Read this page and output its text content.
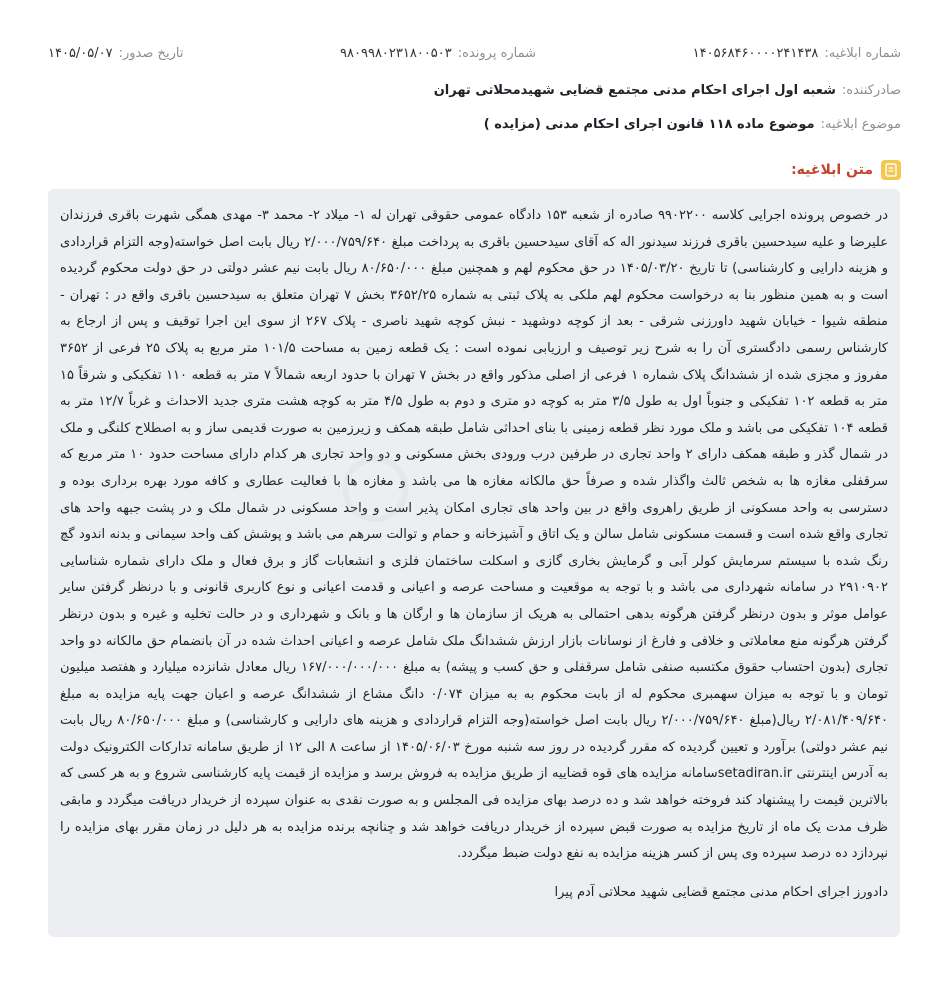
شماره ابلاغیه:۱۴۰۵۶۸۴۶۰۰۰۰۲۴۱۴۳۸
شماره پرونده:۹۸۰۹۹۸۰۲۳۱۸۰۰۵۰۳
تاریخ صدور:۱۴۰۵/۰۵/۰۷
صادرکننده:شعبه اول اجرای احکام مدنی مجتمع قضایی شهیدمحلاتی تهران
موضوع ابلاغیه:موضوع ماده ۱۱۸ قانون اجرای احکام مدنی (مزایده )
متن ابلاغیه:
در خصوص پرونده اجرایی کلاسه ۹۹۰۲۲۰۰ صادره از شعبه ۱۵۳ دادگاه عمومی حقوقی تهران له ۱- میلاد ۲- محمد ۳- مهدی همگی شهرت باقری فرزندان علیرضا و علیه سیدحسین باقری فرزند سیدنور اله که آقای سیدحسین باقری به پرداخت مبلغ ۲/۰۰۰/۷۵۹/۶۴۰ ریال بابت اصل خواسته(وجه التزام قراردادی و هزینه دارایی و کارشناسی) تا تاریخ ۱۴۰۵/۰۳/۲۰ در حق محکوم لهم و همچنین مبلغ ۸۰/۶۵۰/۰۰۰ ریال بابت نیم عشر دولتی در حق دولت محکوم گردیده است و به همین منظور بنا به درخواست محکوم لهم ملکی به پلاک ثبتی به شماره ۳۶۵۲/۲۵ بخش ۷ تهران متعلق به سیدحسین باقری واقع در : تهران - منطقه شیوا - خیابان شهید داورزنی شرقی - بعد از کوچه دوشهید - نبش کوچه شهید ناصری - پلاک ۲۶۷ از سوی این اجرا توقیف و پس از ارجاع به کارشناس رسمی دادگستری آن را به شرح زیر توصیف و ارزیابی نموده است : یک قطعه زمین به مساحت ۱۰۱/۵ متر مربع به پلاک ۲۵ فرعی از ۳۶۵۲ مفروز و مجزی شده از ششدانگ پلاک شماره ۱ فرعی از اصلی مذکور واقع در بخش ۷ تهران با حدود اربعه شمالاً ۷ متر به قطعه ۱۱۰ تفکیکی و شرقاً ۱۵ متر به قطعه ۱۰۲ تفکیکی و جنوباً اول به طول ۳/۵ متر به کوچه دو متری و دوم به طول ۴/۵ متر به کوچه هشت متری جدید الاحداث و غرباً ۱۲/۷ متر به قطعه ۱۰۴ تفکیکی می باشد و ملک مورد نظر قطعه زمینی با بنای احداثی شامل طبقه همکف و زیرزمین به صورت قدیمی ساز و به اصطلاح کلنگی و ملک در شمال گذر و طبقه همکف دارای ۲ واحد تجاری در طرفین درب ورودی بخش مسکونی و دو واحد تجاری هر کدام دارای مساحت حدود ۱۰ متر مربع که سرقفلی مغازه ها به شخص ثالث واگذار شده و صرفاً حق مالکانه مغازه ها می باشد و مغازه ها با فعالیت عطاری و کافه مورد بهره برداری بوده و دسترسی به واحد مسکونی از طریق راهروی واقع در بین واحد های تجاری امکان پذیر است و واحد مسکونی در شمال ملک و در پشت جبهه واحد های تجاری واقع شده است و قسمت مسکونی شامل سالن و یک اتاق و آشپزخانه و حمام و توالت سرهم می باشد و پوشش کف واحد سیمانی و بدنه اندود گچ رنگ شده با سیستم سرمایش کولر آبی و گرمایش بخاری گازی و اسکلت ساختمان فلزی و انشعابات گاز و برق فعال و ملک دارای شماره شناسایی ۲۹۱۰۹۰۲ در سامانه شهرداری می باشد و با توجه به موقعیت و مساحت عرصه و اعیانی و قدمت اعیانی و نوع کاربری قانونی و با درنظر گرفتن سایر عوامل موثر و بدون درنظر گرفتن هرگونه بدهی احتمالی به هریک از سازمان ها و ارگان ها و بانک و شهرداری و در حالت تخلیه و غیره و بدون درنظر گرفتن هرگونه منع معاملاتی و خلافی و فارغ از نوسانات بازار ارزش ششدانگ ملک شامل عرصه و اعیانی احداث شده در آن بانضمام حق مالکانه دو واحد تجاری (بدون احتساب حقوق مکتسبه صنفی شامل سرقفلی و حق کسب و پیشه) به مبلغ ۱۶۷/۰۰۰/۰۰۰/۰۰۰ ریال معادل شانزده میلیارد و هفتصد میلیون تومان و با توجه به میزان سهمبری محکوم له از بابت محکوم به به میزان ۰/۰۷۴ دانگ مشاع از ششدانگ عرصه و اعیان جهت پایه مزایده به مبلغ ۲/۰۸۱/۴۰۹/۶۴۰ ریال(مبلغ ۲/۰۰۰/۷۵۹/۶۴۰ ریال بابت اصل خواسته(وجه التزام قراردادی و هزینه های دارایی و کارشناسی) و مبلغ ۸۰/۶۵۰/۰۰۰ ریال بابت نیم عشر دولتی) برآورد و تعیین گردیده که مقرر گردیده در روز سه شنبه مورخ ۱۴۰۵/۰۶/۰۳ از ساعت ۸ الی ۱۲ از طریق سامانه تدارکات الکترونیک دولت به آدرس اینترنتی setadiran.irسامانه مزایده های قوه قضاییه از طریق مزایده به فروش برسد و مزایده از قیمت پایه کارشناسی شروع و به هر کسی که بالاترین قیمت را پیشنهاد کند فروخته خواهد شد و ده درصد بهای مزایده فی المجلس و به صورت نقدی به عنوان سپرده از خریدار دریافت میگردد و مابقی ظرف مدت یک ماه از تاریخ مزایده به صورت قبض سپرده از خریدار دریافت خواهد شد و چنانچه برنده مزایده به هر دلیل در زمان مقرر بهای مزایده را نپردازد ده درصد سپرده وی پس از کسر هزینه مزایده به نفع دولت ضبط میگردد.
دادورز اجرای احکام مدنی مجتمع قضایی شهید محلاتی آدم پیرا
